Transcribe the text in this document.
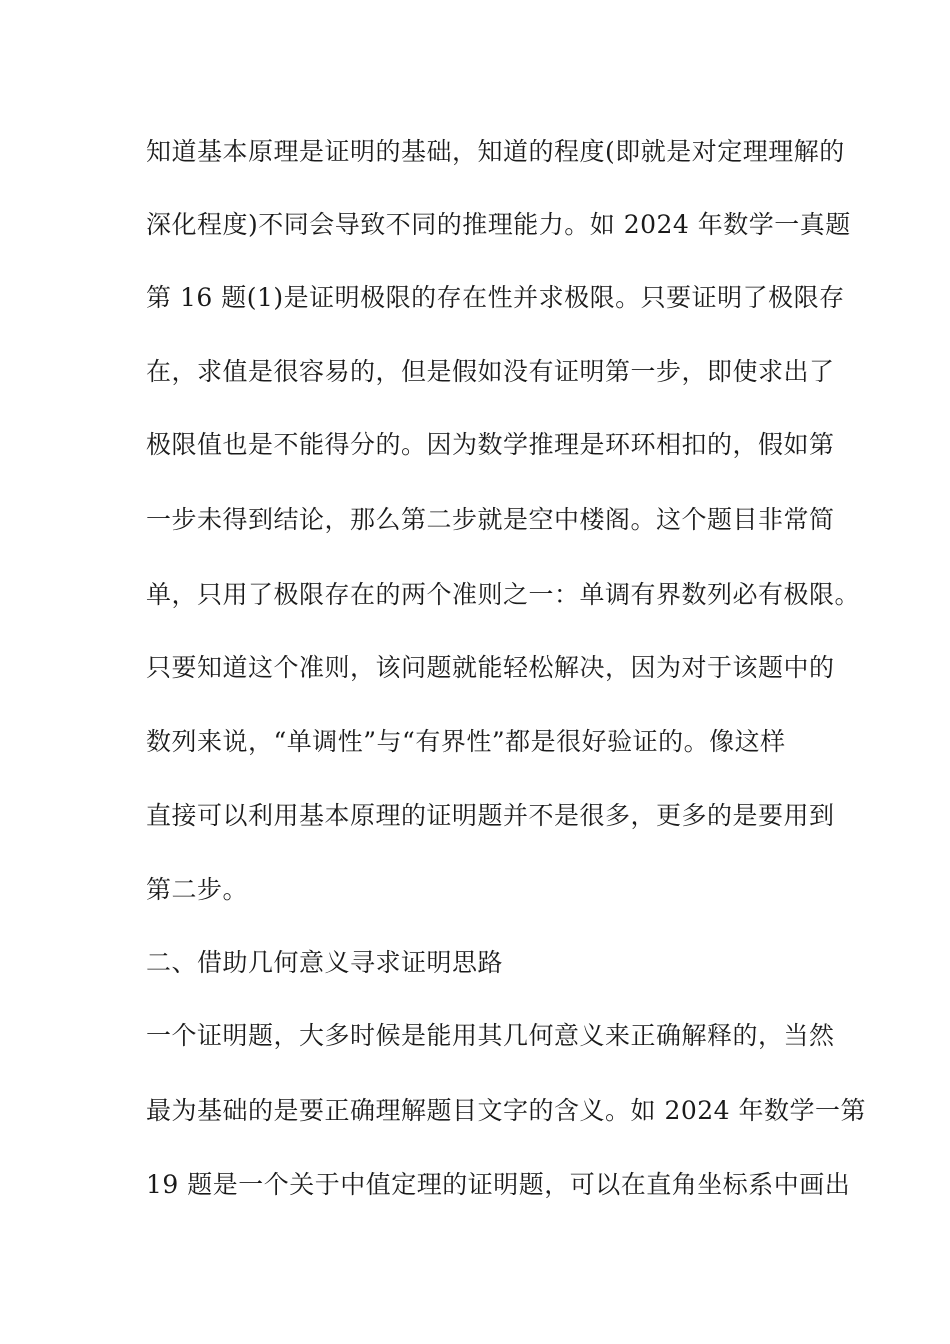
知道基本原理是证明的基础，知道的程度(即就是对定理理解的
深化程度)不同会导致不同的推理能力。如 2024 年数学一真题
第 16 题(1)是证明极限的存在性并求极限。只要证明了极限存
在，求值是很容易的，但是假如没有证明第一步，即使求出了
极限值也是不能得分的。因为数学推理是环环相扣的，假如第
一步未得到结论，那么第二步就是空中楼阁。这个题目非常简
单，只用了极限存在的两个准则之一：单调有界数列必有极限。
只要知道这个准则，该问题就能轻松解决，因为对于该题中的
数列来说，“单调性”与“有界性”都是很好验证的。像这样
直接可以利用基本原理的证明题并不是很多，更多的是要用到
第二步。
二、借助几何意义寻求证明思路
一个证明题，大多时候是能用其几何意义来正确解释的，当然
最为基础的是要正确理解题目文字的含义。如 2024 年数学一第
19 题是一个关于中值定理的证明题，可以在直角坐标系中画出
